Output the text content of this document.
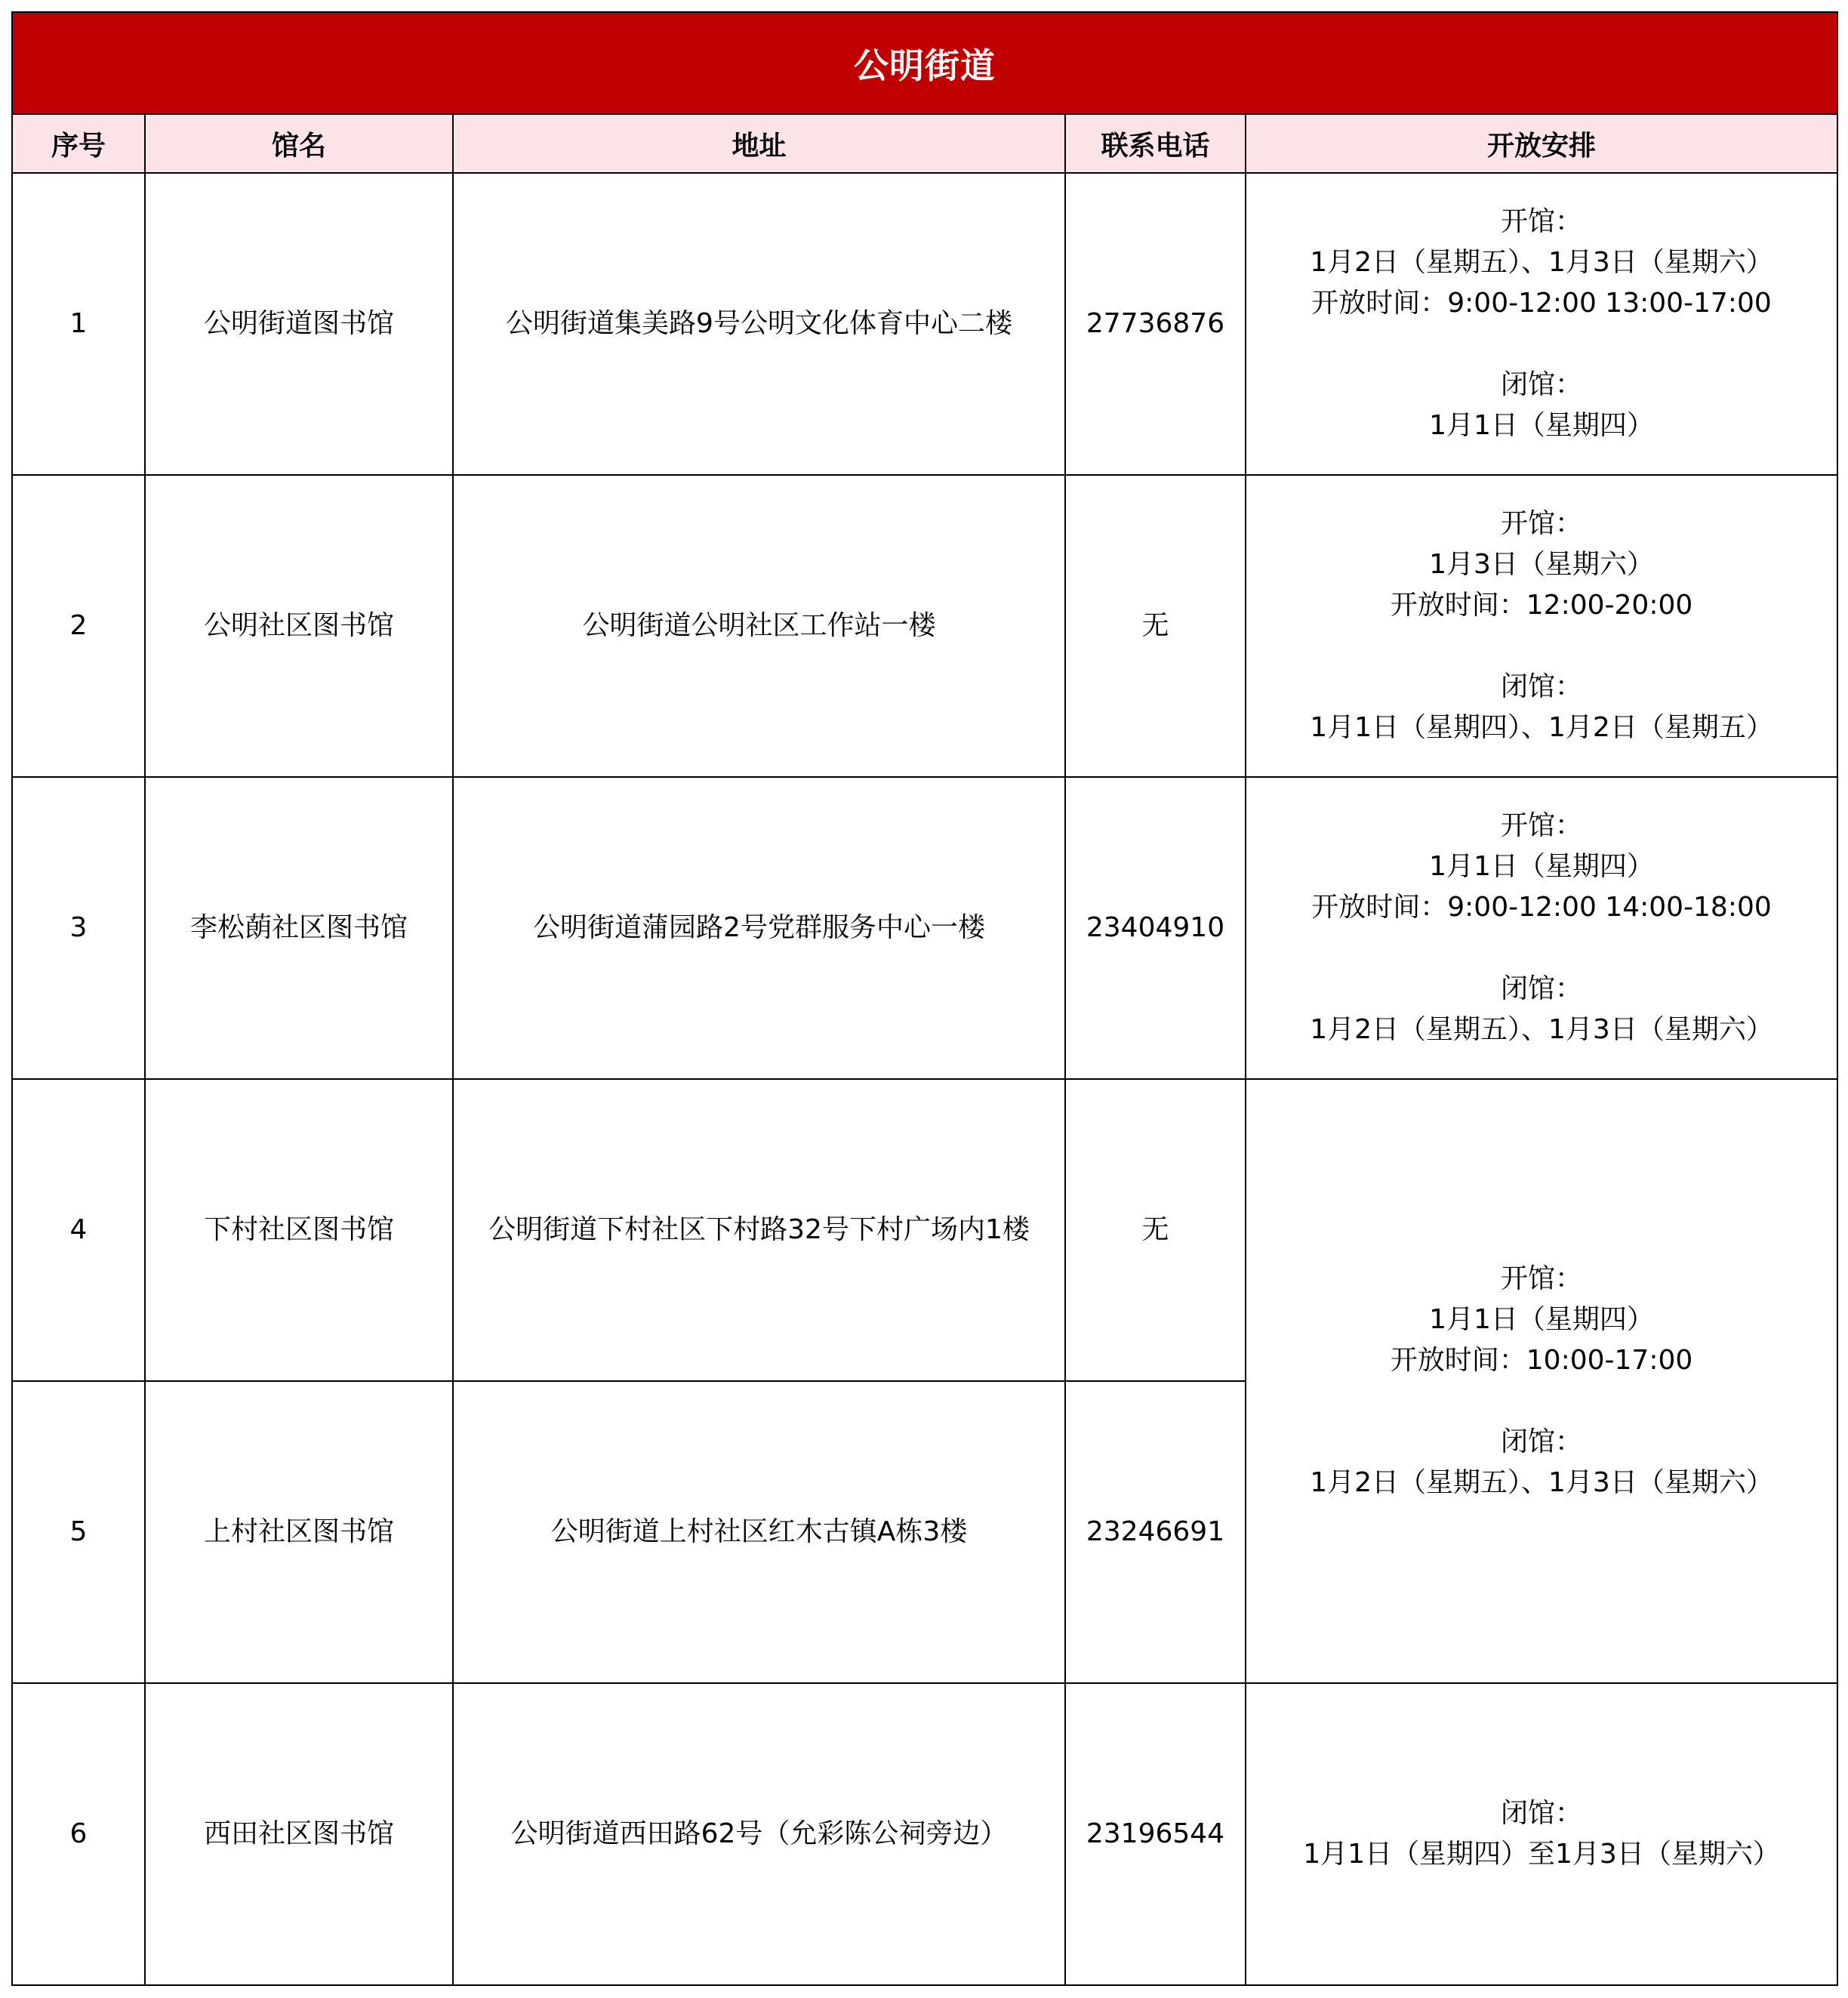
公明街道				
序号	馆名	地址	联系电话	开放安排
1	公明街道图书馆	公明街道集美路9号公明文化体育中心二楼	27736876	开馆：
1月2日（星期五）、1月3日（星期六）
开放时间：9:00-12:00 13:00-17:00
闭馆：
1月1日（星期四）

2	公明社区图书馆	公明街道公明社区工作站一楼	无	开馆：
1月3日（星期六）
开放时间：12:00-20:00
闭馆：
1月1日（星期四）、1月2日（星期五）

3	李松蓢社区图书馆	公明街道蒲园路2号党群服务中心一楼	23404910	开馆：
1月1日（星期四）
开放时间：9:00-12:00 14:00-18:00
闭馆：
1月2日（星期五）、1月3日（星期六）

4	下村社区图书馆	公明街道下村社区下村路32号下村广场内1楼	无	开馆：
1月1日（星期四）
开放时间：10:00-17:00
闭馆：
1月2日（星期五）、1月3日（星期六）

5	上村社区图书馆	公明街道上村社区红木古镇A栋3楼	23246691	
6	西田社区图书馆	公明街道西田路62号（允彩陈公祠旁边）	23196544	闭馆：
1月1日（星期四）至1月3日（星期六）
